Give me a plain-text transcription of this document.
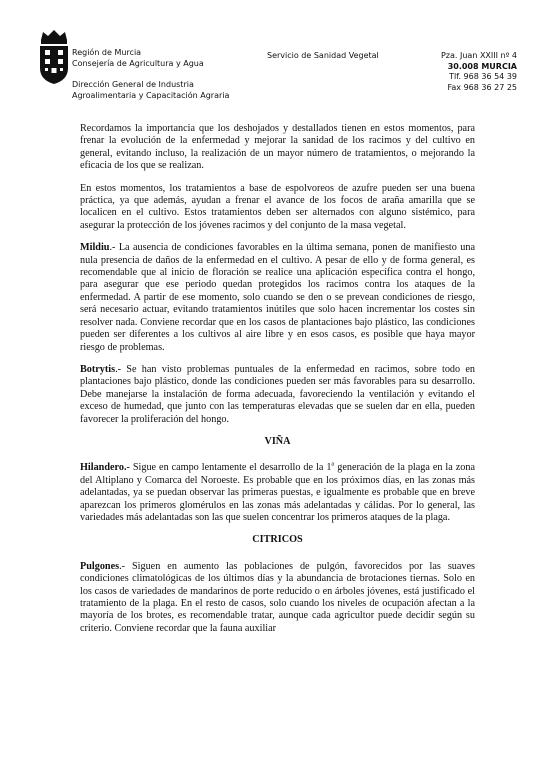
Región de Murcia
Consejería de Agricultura y Agua
Dirección General de Industria
Agroalimentaria y Capacitación Agraria
Servicio de Sanidad Vegetal	Pza. Juan XXIII nº 4
30.008 MURCIA
Tlf. 968 36 54 39
Fax 968 36 27 25

Recordamos la importancia que los deshojados y destallados tienen en estos momentos, para frenar la evolución de la enfermedad y mejorar la sanidad de los racimos y del cultivo en general, evitando incluso, la realización de un mayor número de tratamientos, o mejorando la eficacia de los que se realizan.

En estos momentos, los tratamientos a base de espolvoreos de azufre pueden ser una buena práctica, ya que además, ayudan a frenar el avance de los focos de araña amarilla que se localicen en el cultivo. Estos tratamientos deben ser alternados con alguno sistémico, para asegurar la protección de los jóvenes racimos y del conjunto de la masa vegetal.

Mildiu.- La ausencia de condiciones favorables en la última semana, ponen de manifiesto una nula presencia de daños de la enfermedad en el cultivo. A pesar de ello y de forma general, es recomendable que al inicio de floración se realice una aplicación específica contra el hongo, para asegurar que ese periodo quedan protegidos los racimos contra los ataques de la enfermedad. A partir de ese momento, solo cuando se den o se prevean condiciones de riesgo, será necesario actuar, evitando tratamientos inútiles que solo hacen incrementar los costes sin resolver nada. Conviene recordar que en los casos de plantaciones bajo plástico, las condiciones pueden ser diferentes a los cultivos al aire libre y en esos casos, es posible que haya mayor riesgo de problemas.

Botrytis.- Se han visto problemas puntuales de la enfermedad en racimos, sobre todo en plantaciones bajo plástico, donde las condiciones pueden ser más favorables para su desarrollo. Debe manejarse la instalación de forma adecuada, favoreciendo la ventilación y evitando el exceso de humedad, que junto con las temperaturas elevadas que se suelen dar en ella, pueden favorecer la proliferación del hongo.

VIÑA

Hilandero.- Sigue en campo lentamente el desarrollo de la 1$^a$ generación de la plaga en la zona del Altiplano y Comarca del Noroeste. Es probable que en los próximos días, en las zonas más adelantadas, ya se puedan observar las primeras puestas, e igualmente es probable que en breve aparezcan los primeros glomérulos en las zonas más adelantadas y cálidas. Por lo general, las variedades más adelantadas son las que suelen concentrar los primeros ataques de la plaga.

CITRICOS

Pulgones.- Siguen en aumento las poblaciones de pulgón, favorecidos por las suaves condiciones climatológicas de los últimos días y la abundancia de brotaciones tiernas. Solo en los casos de variedades de mandarinos de porte reducido o en árboles jóvenes, está justificado el tratamiento de la plaga. En el resto de casos, solo cuando los niveles de ocupación afectan a la mayoría de los brotes, es recomendable tratar, aunque cada agricultor puede decidir según su criterio. Conviene recordar que la fauna auxiliar
